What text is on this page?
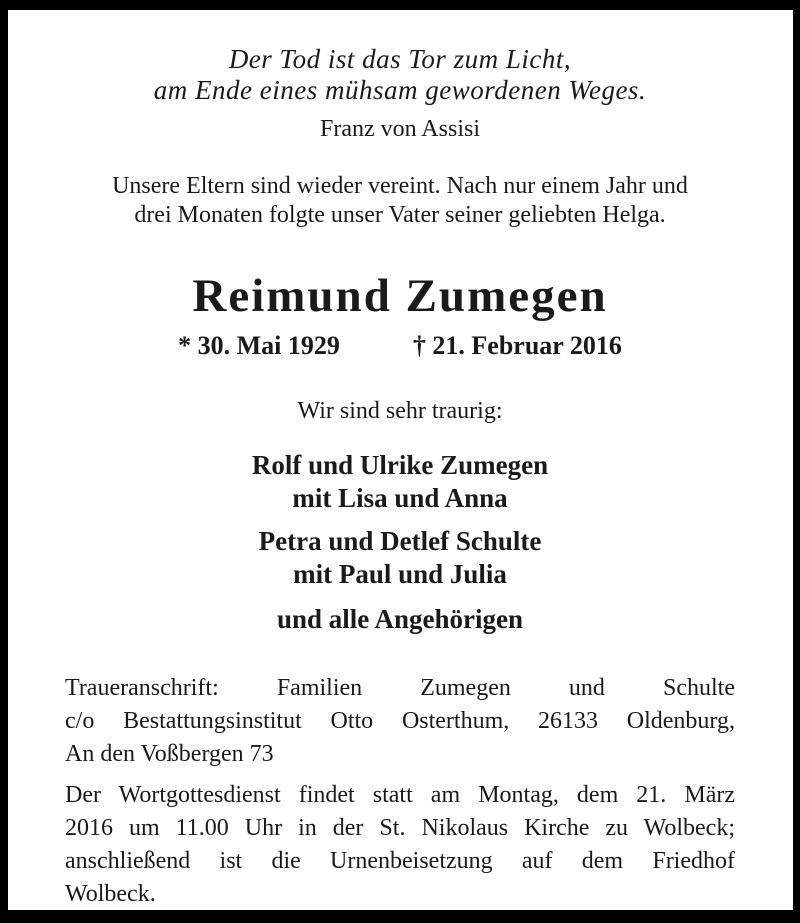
Der Tod ist das Tor zum Licht,
am Ende eines mühsam gewordenen Weges.
Franz von Assisi
Unsere Eltern sind wieder vereint. Nach nur einem Jahr und
drei Monaten folgte unser Vater seiner geliebten Helga.
Reimund Zumegen
* 30. Mai 1929	† 21. Februar 2016
Wir sind sehr traurig:
Rolf und Ulrike Zumegen
mit Lisa und Anna
Petra und Detlef Schulte
mit Paul und Julia
und alle Angehörigen
Traueranschrift: Familien Zumegen und Schulte
c/o Bestattungsinstitut Otto Osterthum, 26133 Oldenburg,
An den Voßbergen 73
Der Wortgottesdienst findet statt am Montag, dem 21. März
2016 um 11.00 Uhr in der St. Nikolaus Kirche zu Wolbeck;
anschließend ist die Urnenbeisetzung auf dem Friedhof
Wolbeck.
